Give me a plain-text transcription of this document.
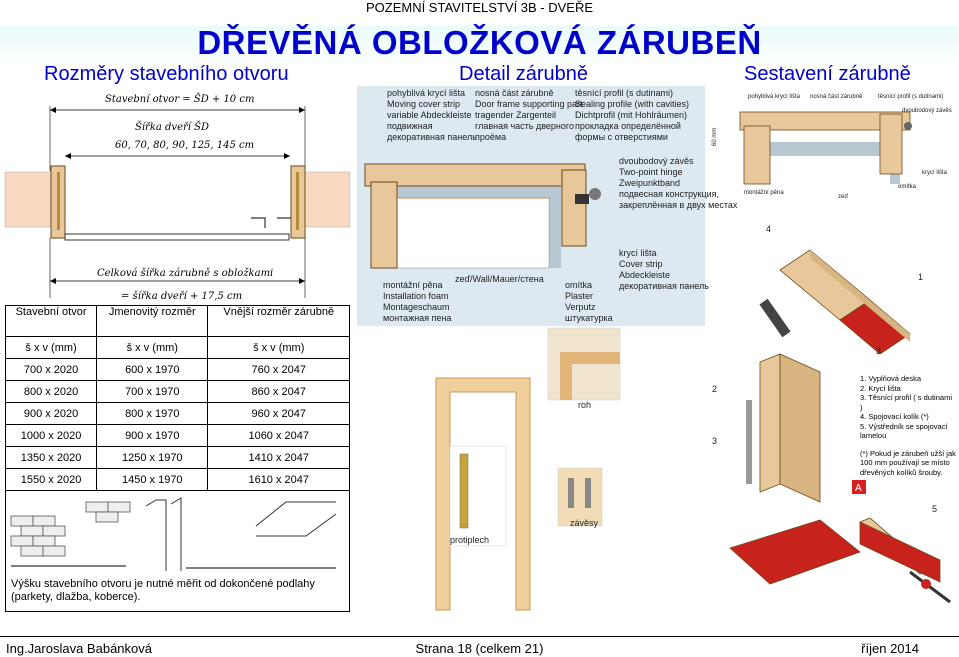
POZEMNÍ STAVITELSTVÍ 3B - DVEŘE
DŘEVĚNÁ OBLOŽKOVÁ ZÁRUBEŇ
Rozměry stavebního otvoru	Detail zárubně	Sestavení zárubně
Stavební otvor = ŠD + 10 cm
Šířka dveří ŠD
60, 70, 80, 90, 125, 145 cm
Celková šířka zárubně s obložkami
= šířka dveří + 17,5 cm
Stavební otvor	Jmenovitý rozměr	Vnější rozměr zárubně
š x v (mm)	š x v (mm)	š x v (mm)
700 x 2020	600 x 1970	760 x 2047
800 x 2020	700 x 1970	860 x 2047
900 x 2020	800 x 1970	960 x 2047
1000 x 2020	900 x 1970	1060 x 2047
1350 x 2020	1250 x 1970	1410 x 2047
1550 x 2020	1450 x 1970	1610 x 2047
Výšku stavebního otvoru je nutné měřit od dokončené podlahy (parkety, dlažba, koberce).
pohyblivá krycí lišta
Moving cover strip
variable Abdeckleiste
подвижная
декоративная панель
nosná část zárubně
Door frame supporting part
tragender Zargenteil
главная часть дверного
проёма
těsnící profil (s dutinami)
Sealing profile (with cavities)
Dichtprofil (mit Hohlräumen)
прокладка определённой
формы с отверстиями
dvoubodový závěs
Two-point hinge
Zweipunktband
подвесная конструкция,
закреплённая в двух местах
krycí lišta
Cover strip
Abdeckleiste
декоративная панель
montážní pěna
Installation foam
Montageschaum
монтажная пена
zeď/Wall/Mauer/стена
omítka
Plaster
Verputz
штукатурка
roh
protiplech
závěsy
pohyblivá krycí lišta nosná část zárubně	těsnící profil (s dutinami)
dvoubodový závěs
60 mm
montážní pěna
zeď
omítka
krycí lišta
4
1
3
2
3
5
A
1. Vyplňová deska
2. Krycí lišta
3. Těsnící profil ( s dutinami )
4. Spojovací kolík (*)
5. Výstředník se spojovací lamelou
(*) Pokud je zárubeň užší jak 100 mm používají se místo dřevěných kolíků šrouby.
Ing.Jaroslava Babánková	Strana 18 (celkem 21)	říjen 2014
